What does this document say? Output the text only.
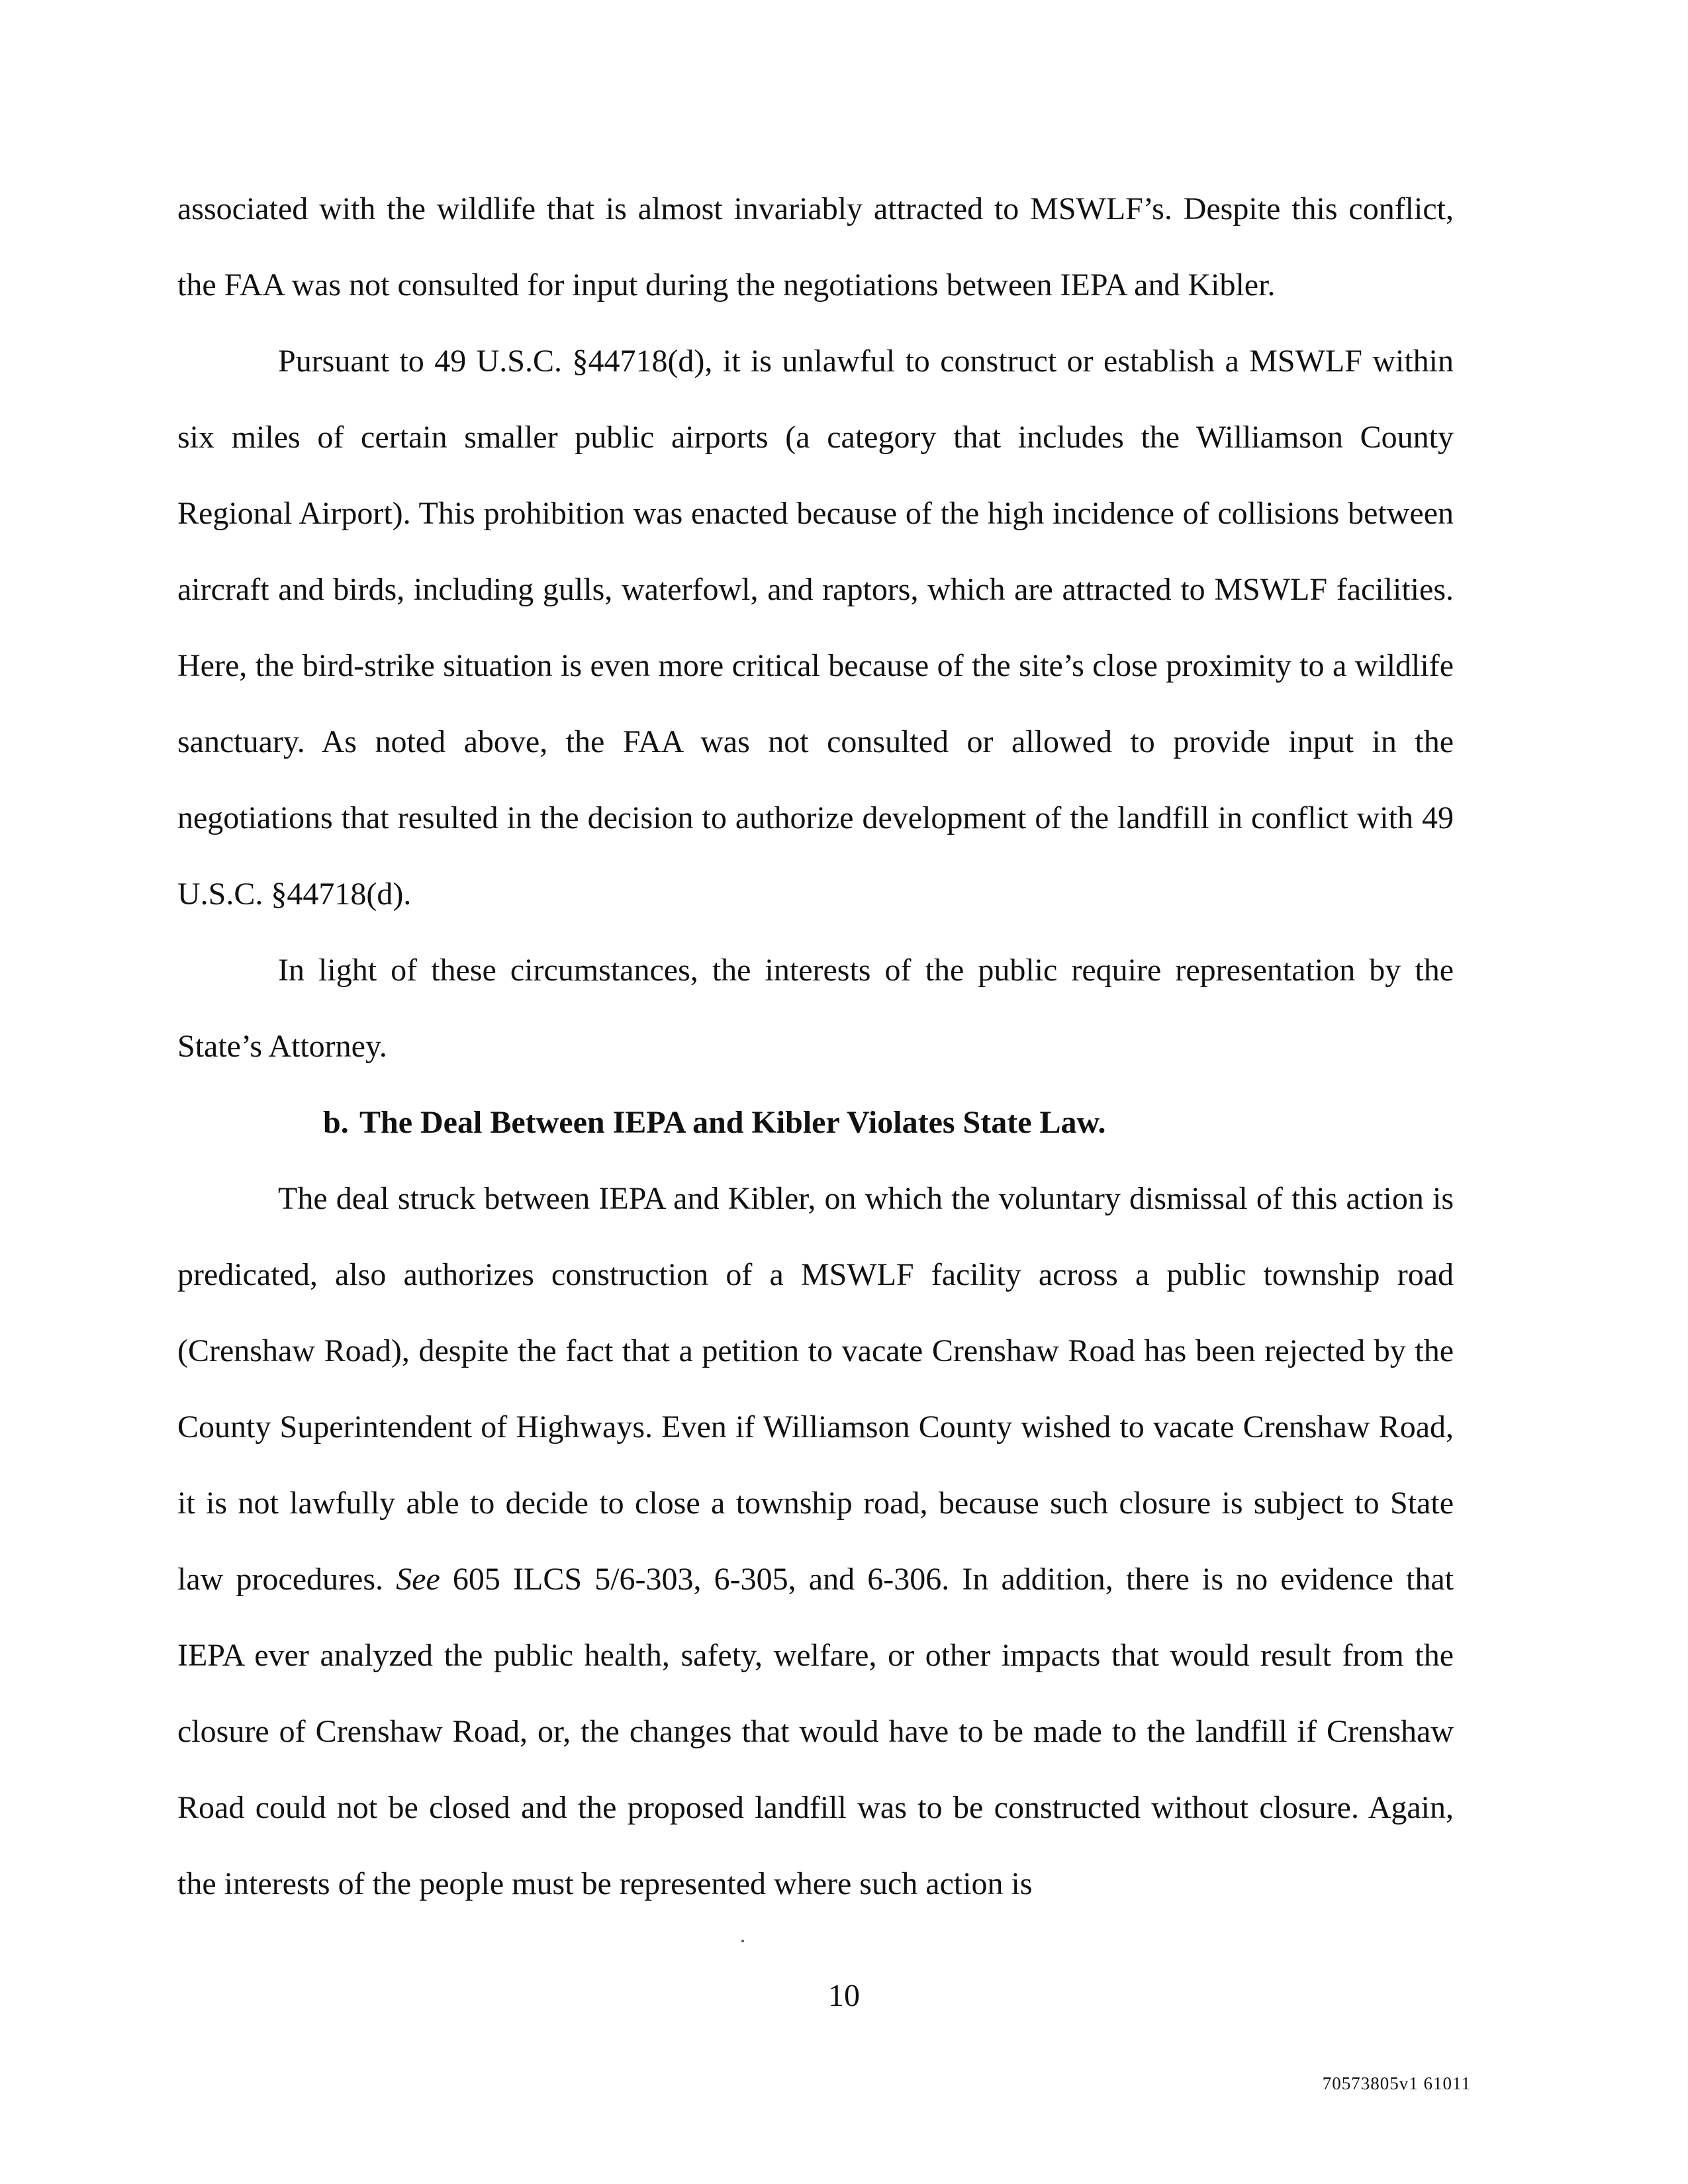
associated with the wildlife that is almost invariably attracted to MSWLF’s. Despite this conflict, the FAA was not consulted for input during the negotiations between IEPA and Kibler.

Pursuant to 49 U.S.C. §44718(d), it is unlawful to construct or establish a MSWLF within six miles of certain smaller public airports (a category that includes the Williamson County Regional Airport). This prohibition was enacted because of the high incidence of collisions between aircraft and birds, including gulls, waterfowl, and raptors, which are attracted to MSWLF facilities. Here, the bird-strike situation is even more critical because of the site’s close proximity to a wildlife sanctuary. As noted above, the FAA was not consulted or allowed to provide input in the negotiations that resulted in the decision to authorize development of the landfill in conflict with 49 U.S.C. §44718(d).

In light of these circumstances, the interests of the public require representation by the State’s Attorney.

b. The Deal Between IEPA and Kibler Violates State Law.

The deal struck between IEPA and Kibler, on which the voluntary dismissal of this action is predicated, also authorizes construction of a MSWLF facility across a public township road (Crenshaw Road), despite the fact that a petition to vacate Crenshaw Road has been rejected by the County Superintendent of Highways. Even if Williamson County wished to vacate Crenshaw Road, it is not lawfully able to decide to close a township road, because such closure is subject to State law procedures. See 605 ILCS 5/6-303, 6-305, and 6-306. In addition, there is no evidence that IEPA ever analyzed the public health, safety, welfare, or other impacts that would result from the closure of Crenshaw Road, or, the changes that would have to be made to the landfill if Crenshaw Road could not be closed and the proposed landfill was to be constructed without closure. Again, the interests of the people must be represented where such action is

10
70573805v1 61011
